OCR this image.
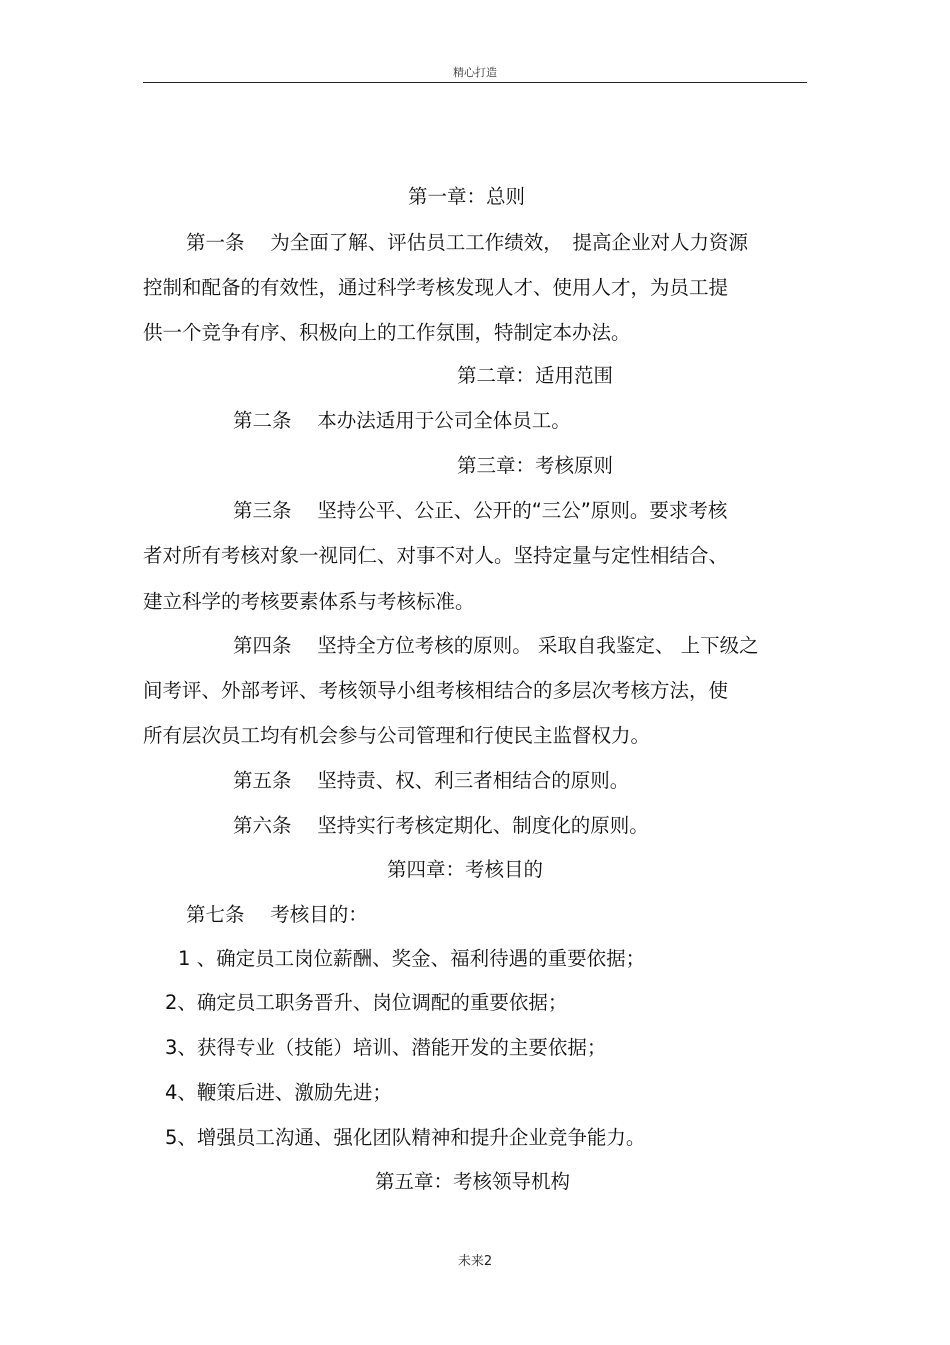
精心打造
第一章：总则
第一条　 为全面了解、评估员工工作绩效，　提高企业对人力资源
控制和配备的有效性，通过科学考核发现人才、使用人才，为员工提
供一个竞争有序、积极向上的工作氛围，特制定本办法。
第二章：适用范围
第二条　 本办法适用于公司全体员工。
第三章：考核原则
第三条　 坚持公平、公正、公开的“三公”原则。要求考核
者对所有考核对象一视同仁、对事不对人。坚持定量与定性相结合、
建立科学的考核要素体系与考核标准。
第四条　 坚持全方位考核的原则。 采取自我鉴定、 上下级之
间考评、外部考评、考核领导小组考核相结合的多层次考核方法，使
所有层次员工均有机会参与公司管理和行使民主监督权力。
第五条　 坚持责、权、利三者相结合的原则。
第六条　 坚持实行考核定期化、制度化的原则。
第四章：考核目的
第七条　 考核目的：
1 、确定员工岗位薪酬、奖金、福利待遇的重要依据；
2、确定员工职务晋升、岗位调配的重要依据；
3、获得专业（技能）培训、潜能开发的主要依据；
4、鞭策后进、激励先进；
5、增强员工沟通、强化团队精神和提升企业竞争能力。
第五章：考核领导机构
未来2
